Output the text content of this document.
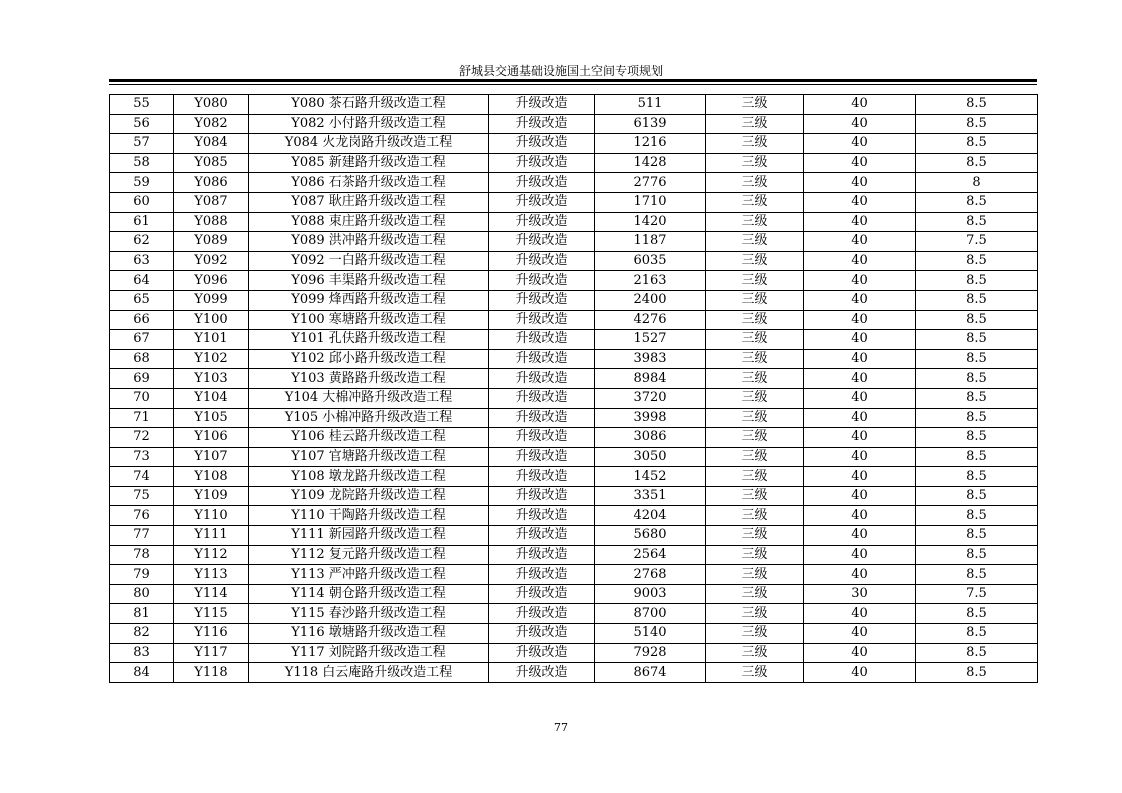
舒城县交通基础设施国土空间专项规划
55	Y080	Y080 茶石路升级改造工程	升级改造	511	三级	40	8.5
56	Y082	Y082 小付路升级改造工程	升级改造	6139	三级	40	8.5
57	Y084	Y084 火龙岗路升级改造工程	升级改造	1216	三级	40	8.5
58	Y085	Y085 新建路升级改造工程	升级改造	1428	三级	40	8.5
59	Y086	Y086 石茶路升级改造工程	升级改造	2776	三级	40	8
60	Y087	Y087 耿庄路升级改造工程	升级改造	1710	三级	40	8.5
61	Y088	Y088 束庄路升级改造工程	升级改造	1420	三级	40	8.5
62	Y089	Y089 洪冲路升级改造工程	升级改造	1187	三级	40	7.5
63	Y092	Y092 一白路升级改造工程	升级改造	6035	三级	40	8.5
64	Y096	Y096 丰渠路升级改造工程	升级改造	2163	三级	40	8.5
65	Y099	Y099 烽西路升级改造工程	升级改造	2400	三级	40	8.5
66	Y100	Y100 寒塘路升级改造工程	升级改造	4276	三级	40	8.5
67	Y101	Y101 孔伕路升级改造工程	升级改造	1527	三级	40	8.5
68	Y102	Y102 邱小路升级改造工程	升级改造	3983	三级	40	8.5
69	Y103	Y103 黄路路升级改造工程	升级改造	8984	三级	40	8.5
70	Y104	Y104 大棉冲路升级改造工程	升级改造	3720	三级	40	8.5
71	Y105	Y105 小棉冲路升级改造工程	升级改造	3998	三级	40	8.5
72	Y106	Y106 桂云路升级改造工程	升级改造	3086	三级	40	8.5
73	Y107	Y107 官塘路升级改造工程	升级改造	3050	三级	40	8.5
74	Y108	Y108 墩龙路升级改造工程	升级改造	1452	三级	40	8.5
75	Y109	Y109 龙院路升级改造工程	升级改造	3351	三级	40	8.5
76	Y110	Y110 干陶路升级改造工程	升级改造	4204	三级	40	8.5
77	Y111	Y111 新园路升级改造工程	升级改造	5680	三级	40	8.5
78	Y112	Y112 复元路升级改造工程	升级改造	2564	三级	40	8.5
79	Y113	Y113 严冲路升级改造工程	升级改造	2768	三级	40	8.5
80	Y114	Y114 朝仓路升级改造工程	升级改造	9003	三级	30	7.5
81	Y115	Y115 春沙路升级改造工程	升级改造	8700	三级	40	8.5
82	Y116	Y116 墩塘路升级改造工程	升级改造	5140	三级	40	8.5
83	Y117	Y117 刘院路升级改造工程	升级改造	7928	三级	40	8.5
84	Y118	Y118 白云庵路升级改造工程	升级改造	8674	三级	40	8.5
77
